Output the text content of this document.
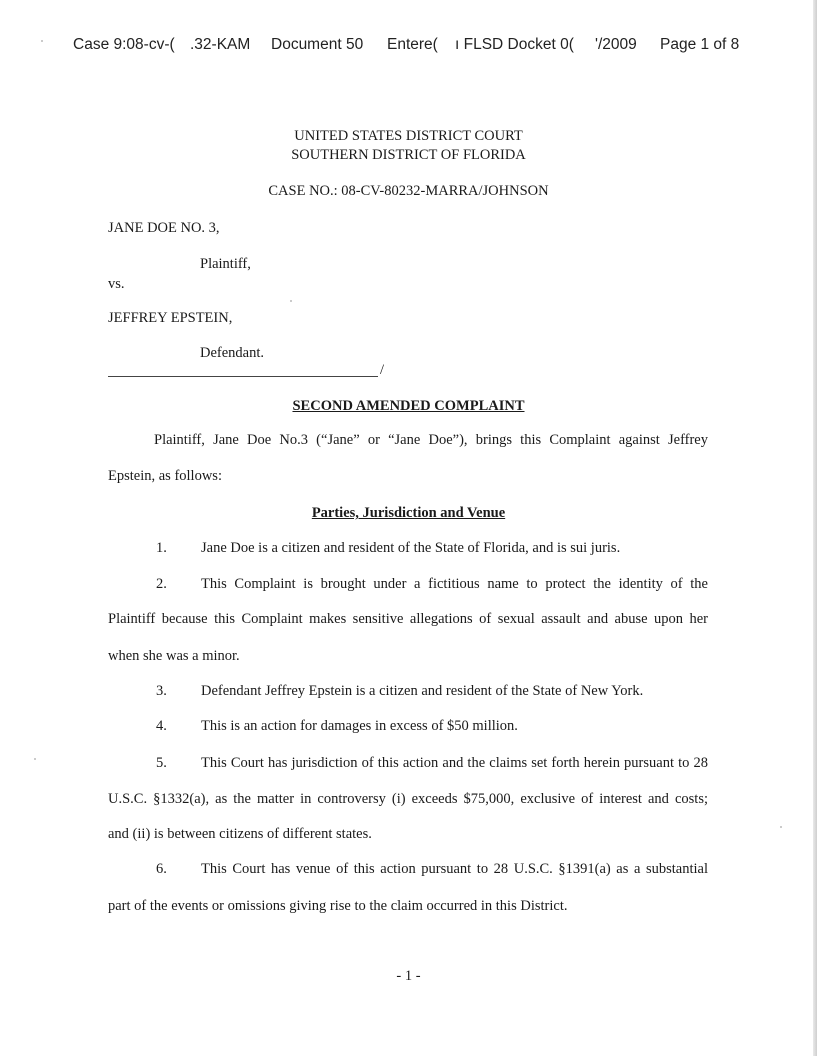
Case 9:08-cv-( .32-KAM Document 50 Entere( ı FLSD Docket 0( '/2009 Page 1 of 8
UNITED STATES DISTRICT COURT
SOUTHERN DISTRICT OF FLORIDA
CASE NO.: 08-CV-80232-MARRA/JOHNSON
JANE DOE NO. 3,
Plaintiff,
vs.
JEFFREY EPSTEIN,
Defendant.
/
SECOND AMENDED COMPLAINT
Plaintiff, Jane Doe No.3 (“Jane” or “Jane Doe”), brings this Complaint against Jeffrey
Epstein, as follows:
Parties, Jurisdiction and Venue
1. Jane Doe is a citizen and resident of the State of Florida, and is sui juris.
2. This Complaint is brought under a fictitious name to protect the identity of the
Plaintiff because this Complaint makes sensitive allegations of sexual assault and abuse upon her
when she was a minor.
3. Defendant Jeffrey Epstein is a citizen and resident of the State of New York.
4. This is an action for damages in excess of $50 million.
5. This Court has jurisdiction of this action and the claims set forth herein pursuant to 28
U.S.C. §1332(a), as the matter in controversy (i) exceeds $75,000, exclusive of interest and costs;
and (ii) is between citizens of different states.
6. This Court has venue of this action pursuant to 28 U.S.C. §1391(a) as a substantial
part of the events or omissions giving rise to the claim occurred in this District.
- 1 -
